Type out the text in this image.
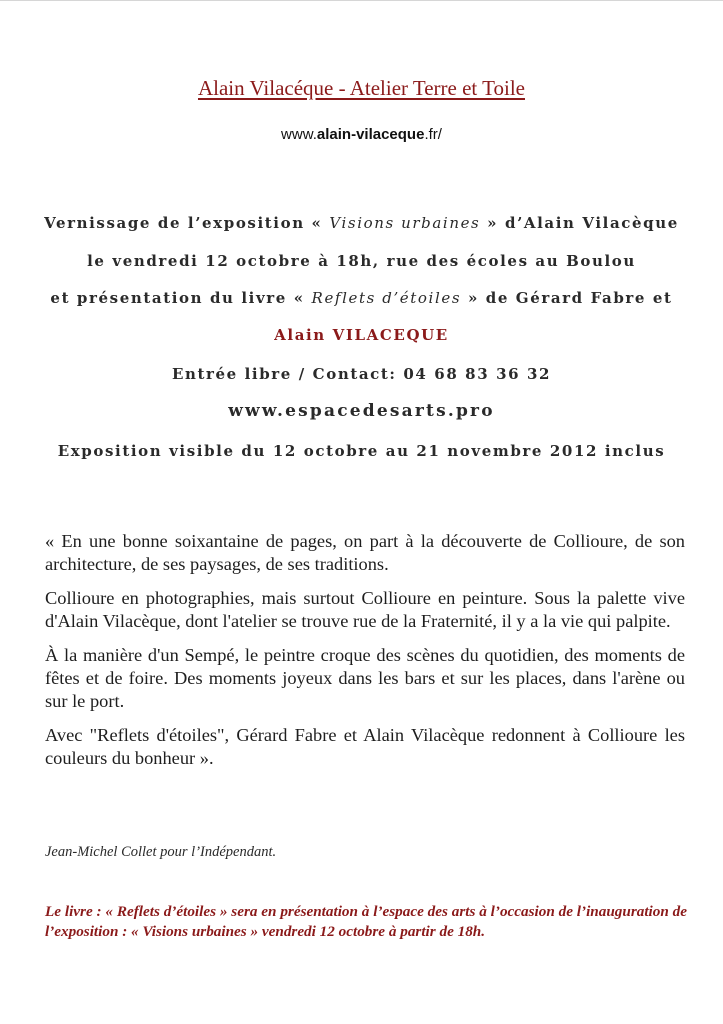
Alain Vilacéque - Atelier Terre et Toile
www.alain-vilaceque.fr/
Vernissage de l’exposition « Visions urbaines » d’Alain Vilacèque
le vendredi 12 octobre à 18h, rue des écoles au Boulou
et présentation du livre « Reflets d’étoiles » de Gérard Fabre et
Alain VILACEQUE
Entrée libre / Contact: 04 68 83 36 32
www.espacedesarts.pro
Exposition visible du 12 octobre au 21 novembre 2012 inclus

« En une bonne soixantaine de pages, on part à la découverte de Collioure, de son architecture, de ses paysages, de ses traditions.

Collioure en photographies, mais surtout Collioure en peinture. Sous la palette vive d'Alain Vilacèque, dont l'atelier se trouve rue de la Fraternité, il y a la vie qui palpite.

À la manière d'un Sempé, le peintre croque des scènes du quotidien, des moments de fêtes et de foire. Des moments joyeux dans les bars et sur les places, dans l'arène ou sur le port.

Avec "Reflets d'étoiles", Gérard Fabre et Alain Vilacèque redonnent à Collioure les couleurs du bonheur ».

Jean-Michel Collet pour l’Indépendant.
Le livre : « Reflets d’étoiles » sera en présentation à l’espace des arts à l’occasion de l’inauguration de l’exposition : « Visions urbaines » vendredi 12 octobre à partir de 18h.
